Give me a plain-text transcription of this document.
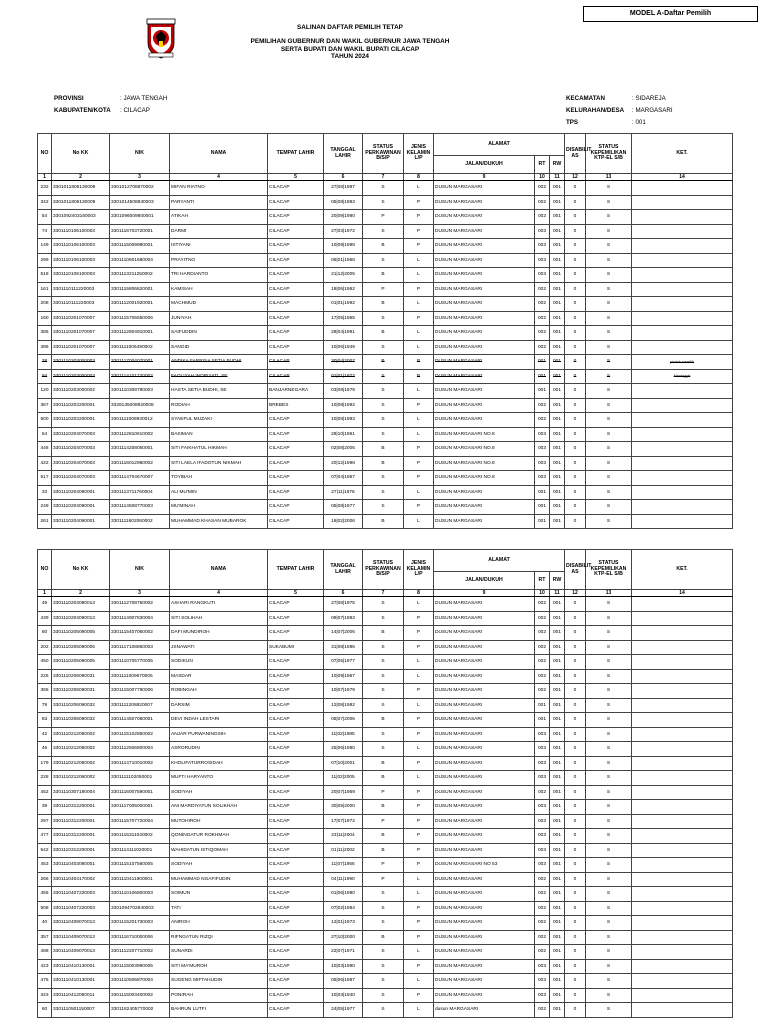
MODEL A-Daftar Pemilih
SALINAN DAFTAR PEMILIH TETAP
PEMILIHAN GUBERNUR DAN WAKIL GUBERNUR JAWA TENGAH
SERTA BUPATI DAN WAKIL BUPATI CILACAP
TAHUN 2024
PROVINSI	: JAWA TENGAH
KABUPATEN/KOTA	: CILACAP
KECAMATAN	: SIDAREJA
KELURAHAN/DESA	: MARGASARI
TPS	: 001
NO	No KK	NIK	NAMA	TEMPAT LAHIR	TANGGAL LAHIR	STATUS PERKAWINAN B/S/P	JENIS KELAMIN L/P	ALAMAT			DISABILIT AS	STATUS KEPEMILIKAN KTP-EL S/B	KET.
								JALAN/DUKUH	RT	RW			
1	2	3	4	5	6	7	8	9	10	11	12	13	14
232	3301011806130009	3301012708870002	MIFAN RIATNO	CILACAP	27|08|1987	S	L	DUSUN MARGASARI	002	001	0	S	
342	3301011806130009	3301014508830003	PARYANTI	CILACAP	05|08|1983	S	P	DUSUN MARGASARI	002	001	0	S	
54	3301092403160003	3301096009800001	ATIKAH	CILACAP	20|09|1980	P	P	DUSUN MARGASARI	002	001	0	S	
74	3301110106100003	3301116703720001	DARMI	CILACAP	27|03|1972	S	P	DUSUN MARGASARI	003	001	0	S	
149	3301110106100003	3301115009980001	ISTIYANI	CILACAP	10|09|1998	B	P	DUSUN MARGASARI	003	001	0	S	
299	3301110106100003	3301110601680004	PRAYITNO	CILACAP	06|01|1968	S	L	DUSUN MARGASARI	003	001	0	S	
518	3301110106100003	3301113211250002	TRI HARDIANTO	CILACAP	21|12|2005	B	L	DUSUN MARGASARI	003	001	0	S	
161	3301110111220003	3301115806620001	KAMISAH	CILACAP	18|06|1962	P	P	DUSUN MARGASARI	002	001	0	S	
208	3301110111220003	3301112001920001	MACHMUD	CILACAP	01|01|1992	B	L	DUSUN MARGASARI	002	001	0	S	
160	3301110201070007	3301115705650006	JUNIYAH	CILACAP	17|05|1965	S	P	DUSUN MARGASARI	002	001	0	S	
385	3301110201070007	3301112804910001	SAIFUDDIN	CILACAP	28|04|1991	B	L	DUSUN MARGASARI	002	001	0	S	
396	3301110201070007	3301111006490002	SANGID	CILACAP	10|06|1949	S	L	DUSUN MARGASARI	002	001	0	S	
38	3301110203000003	3301117004070001	ANDIKA FARRISA SETIA BUDHI	CILACAP	30|04|2007	B	P	DUSUN MARGASARI	001	001	0	S	pindah memilih
94	3301110203000003	3301114101720002	FAOLIYAH INDRIYATI, SE	CILACAP	01|01|1972	S	P	DUSUN MARGASARI	001	001	0	S	Meninggal
120	3301110203000002	3301110308790003	HASTA SETIA BUDHI, SE	BANJARNEGARA	03|08|1979	S	L	DUSUN MARGASARI	001	001	0	S	
367	3301110203200001	3329135008920008	RODIAH	BREBES	10|08|1992	S	P	DUSUN MARGASARI	002	001	0	S	
500	3301110203200001	3301111008930012	SYAEFUL MUZAKI	CILACAP	10|08|1993	S	L	DUSUN MARGASARI	002	001	0	S	
64	3301110204070003	3301112810610002	BASIMAN	CILACAP	28|10|1961	S	L	DUSUN MARGASARI NO.8	003	001	0	S	
446	3301110204070003	3301114208050001	SITI FAIKHATUL HIKMAH	CILACAP	02|08|2005	B	P	DUSUN MARGASARI NO.8	003	001	0	S	
422	3301110204070003	3301116012980002	SITI LAELA IFADOTUN NIKMAH	CILACAP	20|12|1998	B	P	DUSUN MARGASARI NO.8	003	001	0	S	
517	3301110204070003	3301114704670007	TOYIBAH	CILACAP	07|04|1967	S	P	DUSUN MARGASARI NO.8	003	001	0	S	
33	3301110204090001	3301113711760004	ALI MU'MIN	CILACAP	27|11|1976	S	L	DUSUN MARGASARI	001	001	0	S	
249	3301110204090001	3301114508770003	MU'MINAH	CILACAP	05|08|1977	S	P	DUSUN MARGASARI	001	001	0	S	
261	3301110204090001	3301111602060002	MUHAMMAD KHASAN MUBAROK	CILACAP	16|02|2006	B	L	DUSUN MARGASARI	001	001	0	S	
NO	No KK	NIK	NAMA	TEMPAT LAHIR	TANGGAL LAHIR	STATUS PERKAWINAN B/S/P	JENIS KELAMIN L/P	ALAMAT			DISABILIT AS	STATUS KEPEMILIKAN KTP-EL S/B	KET.
								JALAN/DUKUH	RT	RW			
1	2	3	4	5	6	7	8	9	10	11	12	13	14
49	3301110204090013	3301112708750002	ASHARI RANGKUTI	CILACAP	27|08|1975	S	L	DUSUN MARGASARI	002	001	0	S	
439	3301110204090013	3301114907830004	SITI SOLIHAH	CILACAP	09|07|1983	S	P	DUSUN MARGASARI	002	001	0	S	
80	3301110205090005	3301115407060002	DAFI MUNDIROH	CILACAP	14|07|2006	B	P	DUSUN MARGASARI	002	001	0	S	
202	3301110205090005	3301117108860003	JSNAWATI	SUKABUMI	31|08|1986	S	P	DUSUN MARGASARI	002	001	0	S	
450	3301110205090005	3301110705770005	SODIKUN	CILACAP	07|05|1977	S	L	DUSUN MARGASARI	002	001	0	S	
226	3301110206090031	3301111009670005	MASDAR	CILACAP	10|09|1967	S	L	DUSUN MARGASARI	002	001	0	S	
365	3301110206090031	3301115007790006	ROBINGAH	CILACAP	10|07|1979	S	P	DUSUN MARGASARI	002	001	0	S	
79	3301110206090032	3301111208820007	DARSIM	CILACAP	12|08|1982	S	L	DUSUN MARGASARI	001	001	0	S	
83	3301110206090032	3301114507060001	DEVI INDAH LESTARI	CILACAP	05|07|2006	B	P	DUSUN MARGASARI	001	001	0	S	
42	3301110212060002	3301115102850002	ANJAR PURWANINGSIH	CILACAP	11|02|1985	S	P	DUSUN MARGASARI	003	001	0	S	
46	3301110212060002	3301112506800004	ASRORUDIN	CILACAP	25|06|1980	S	L	DUSUN MARGASARI	003	001	0	S	
179	3301110212060002	3301114710010002	KHOLIFATURROSIDAH	CILACAP	07|10|2001	B	P	DUSUN MARGASARI	003	001	0	S	
228	3301110212060002	3301111102050001	MUFTI HARYANTO	CILACAP	11|02|2005	B	L	DUSUN MARGASARI	003	001	0	S	
452	3301110307190004	3301116007590001	SODIYAH	CILACAP	20|07|1959	P	P	DUSUN MARGASARI	002	001	0	S	
39	3301110312200001	3301117005000001	ANI MARDIYATUN SOLIKHAH	CILACAP	30|05|2000	B	P	DUSUN MARGASARI	003	001	0	S	
297	3301110312200001	3301115707720004	MUTOHIROH	CILACAP	17|07|1972	P	P	DUSUN MARGASARI	003	001	0	S	
477	3301110312200001	3301116311040002	QONINGATUR ROKHMAH	CILACAP	23|11|2004	B	P	DUSUN MARGASARI	003	001	0	S	
542	3301110312200001	3301114111020001	WAHIDATUN ISTIQOMAH	CILACAP	01|11|2002	B	P	DUSUN MARGASARI	003	001	0	S	
453	3301110403080001	3301115107560005	SODIYAH	CILACAP	11|07|1956	P	P	DUSUN MARGASARI NO 53	003	001	0	S	
266	3301110404170002	3301110411900001	MUHAMMAD NGAFIFUDIN	CILACAP	04|11|1990	P	L	DUSUN MARGASARI	002	001	0	S	
455	3301110407220003	3301110106800003	SOIMUN	CILACAP	01|06|1980	S	L	DUSUN MARGASARI	002	001	0	S	
508	3301110407220003	3301094702840003	TATI	CILACAP	07|02|1984	S	P	DUSUN MARGASARI	002	001	0	S	
40	3301110409070013	3301115201730003	ANIROH	CILACAP	12|01|1973	S	P	DUSUN MARGASARI	002	001	0	S	
357	3301110409070013	3301116710000006	RIFNGATUN RIZQI	CILACAP	27|10|2000	B	P	DUSUN MARGASARI	002	001	0	S	
488	3301110409070013	3301112207710002	SUNARDI	CILACAP	22|07|1971	S	L	DUSUN MARGASARI	002	001	0	S	
423	3301110410130001	3301115003990005	SITI MA'MUROH	CILACAP	10|03|1990	S	P	DUSUN MARGASARI	003	001	0	S	
475	3301110410130001	3301110506870004	SUGENG MIFTAHUDIN	CILACAP	05|06|1987	S	L	DUSUN MARGASARI	003	001	0	S	
343	3301110412060011	3301115003400002	PONIRAH	CILACAP	10|03|1940	S	P	DUSUN MARGASARI	003	001	0	S	
60	3301110501150007	3301182405770002	BAHRUN LUTFI	CILACAP	24|05|1977	S	L	dusun MARGASARI	002	001	0	S	
